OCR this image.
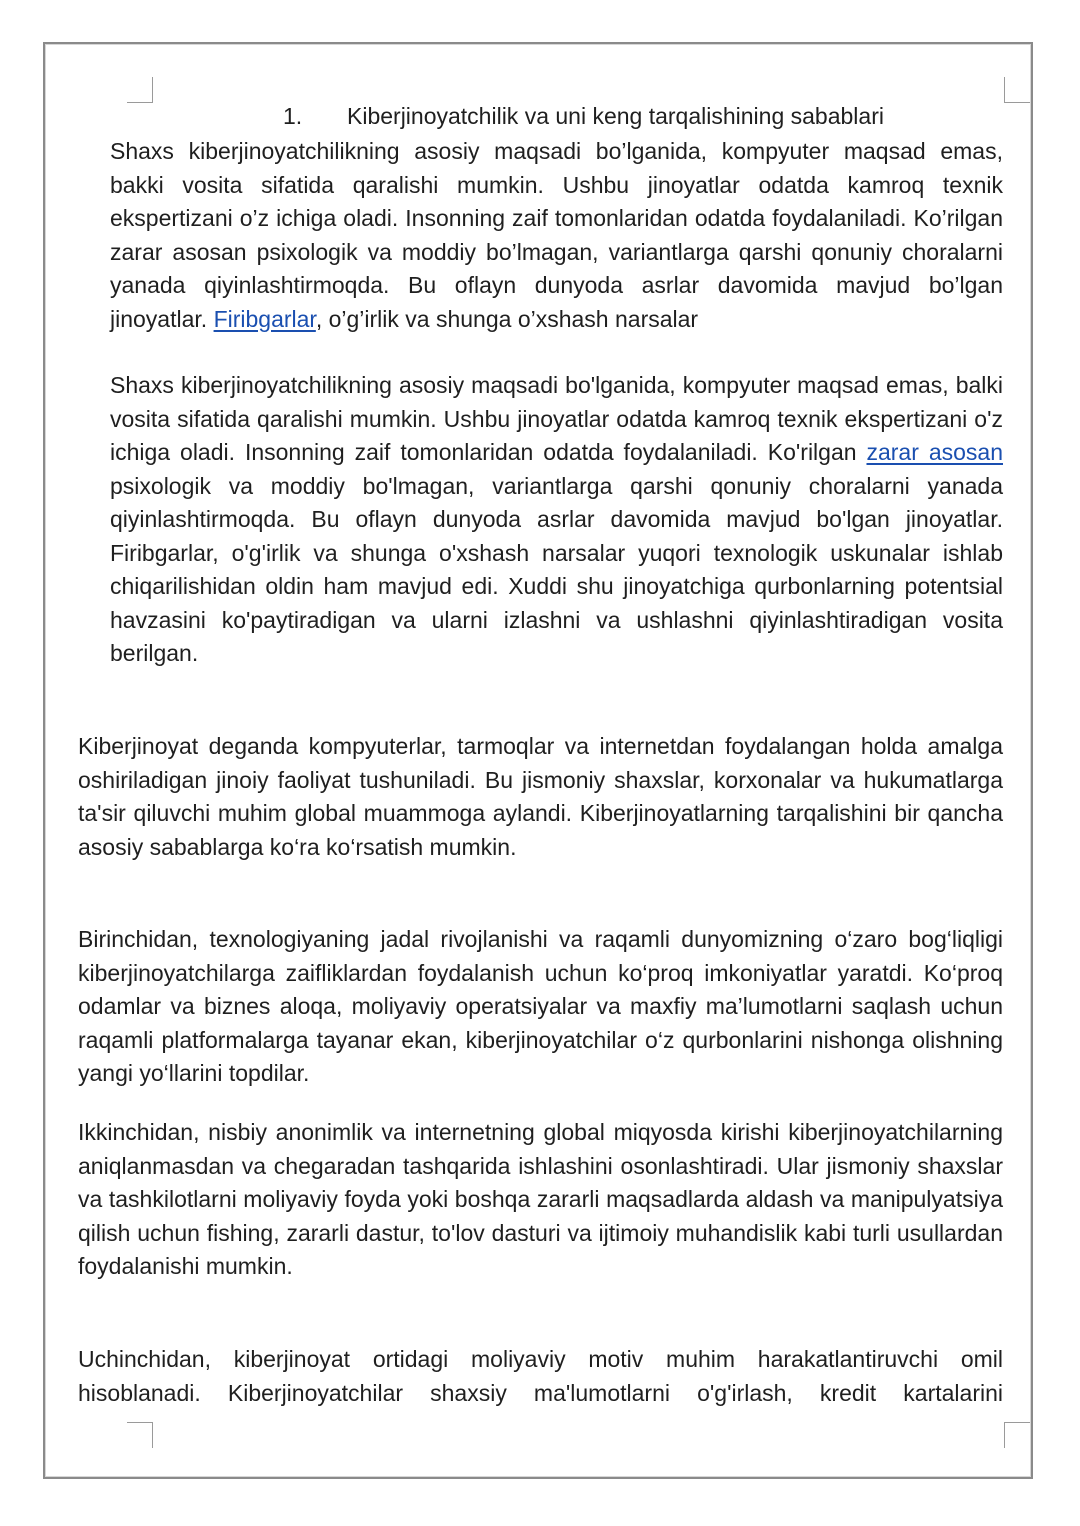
1. Kiberjinoyatchilik va uni keng tarqalishining sabablari

Shaxs kiberjinoyatchilikning asosiy maqsadi bo’lganida, kompyuter maqsad emas, bakki vosita sifatida qaralishi mumkin. Ushbu jinoyatlar odatda kamroq texnik ekspertizani o’z ichiga oladi. Insonning zaif tomonlaridan odatda foydalaniladi. Ko’rilgan zarar asosan psixologik va moddiy bo’lmagan, variantlarga qarshi qonuniy choralarni yanada qiyinlashtirmoqda. Bu oflayn dunyoda asrlar davomida mavjud bo’lgan jinoyatlar. Firibgarlar, o’g’irlik va shunga o’xshash narsalar

Shaxs kiberjinoyatchilikning asosiy maqsadi bo'lganida, kompyuter maqsad emas, balki vosita sifatida qaralishi mumkin. Ushbu jinoyatlar odatda kamroq texnik ekspertizani o'z ichiga oladi. Insonning zaif tomonlaridan odatda foydalaniladi. Ko'rilgan zarar asosan psixologik va moddiy bo'lmagan, variantlarga qarshi qonuniy choralarni yanada qiyinlashtirmoqda. Bu oflayn dunyoda asrlar davomida mavjud bo'lgan jinoyatlar. Firibgarlar, o'g'irlik va shunga o'xshash narsalar yuqori texnologik uskunalar ishlab chiqarilishidan oldin ham mavjud edi. Xuddi shu jinoyatchiga qurbonlarning potentsial havzasini ko'paytiradigan va ularni izlashni va ushlashni qiyinlashtiradigan vosita berilgan.

Kiberjinoyat deganda kompyuterlar, tarmoqlar va internetdan foydalangan holda amalga oshiriladigan jinoiy faoliyat tushuniladi. Bu jismoniy shaxslar, korxonalar va hukumatlarga ta'sir qiluvchi muhim global muammoga aylandi. Kiberjinoyatlarning tarqalishini bir qancha asosiy sabablarga ko‘ra ko‘rsatish mumkin.

Birinchidan, texnologiyaning jadal rivojlanishi va raqamli dunyomizning o‘zaro bog‘liqligi kiberjinoyatchilarga zaifliklardan foydalanish uchun ko‘proq imkoniyatlar yaratdi. Ko‘proq odamlar va biznes aloqa, moliyaviy operatsiyalar va maxfiy ma’lumotlarni saqlash uchun raqamli platformalarga tayanar ekan, kiberjinoyatchilar o‘z qurbonlarini nishonga olishning yangi yo‘llarini topdilar.

Ikkinchidan, nisbiy anonimlik va internetning global miqyosda kirishi kiberjinoyatchilarning aniqlanmasdan va chegaradan tashqarida ishlashini osonlashtiradi. Ular jismoniy shaxslar va tashkilotlarni moliyaviy foyda yoki boshqa zararli maqsadlarda aldash va manipulyatsiya qilish uchun fishing, zararli dastur, to'lov dasturi va ijtimoiy muhandislik kabi turli usullardan foydalanishi mumkin.

Uchinchidan, kiberjinoyat ortidagi moliyaviy motiv muhim harakatlantiruvchi omil hisoblanadi. Kiberjinoyatchilar shaxsiy ma'lumotlarni o'g'irlash, kredit kartalarini
